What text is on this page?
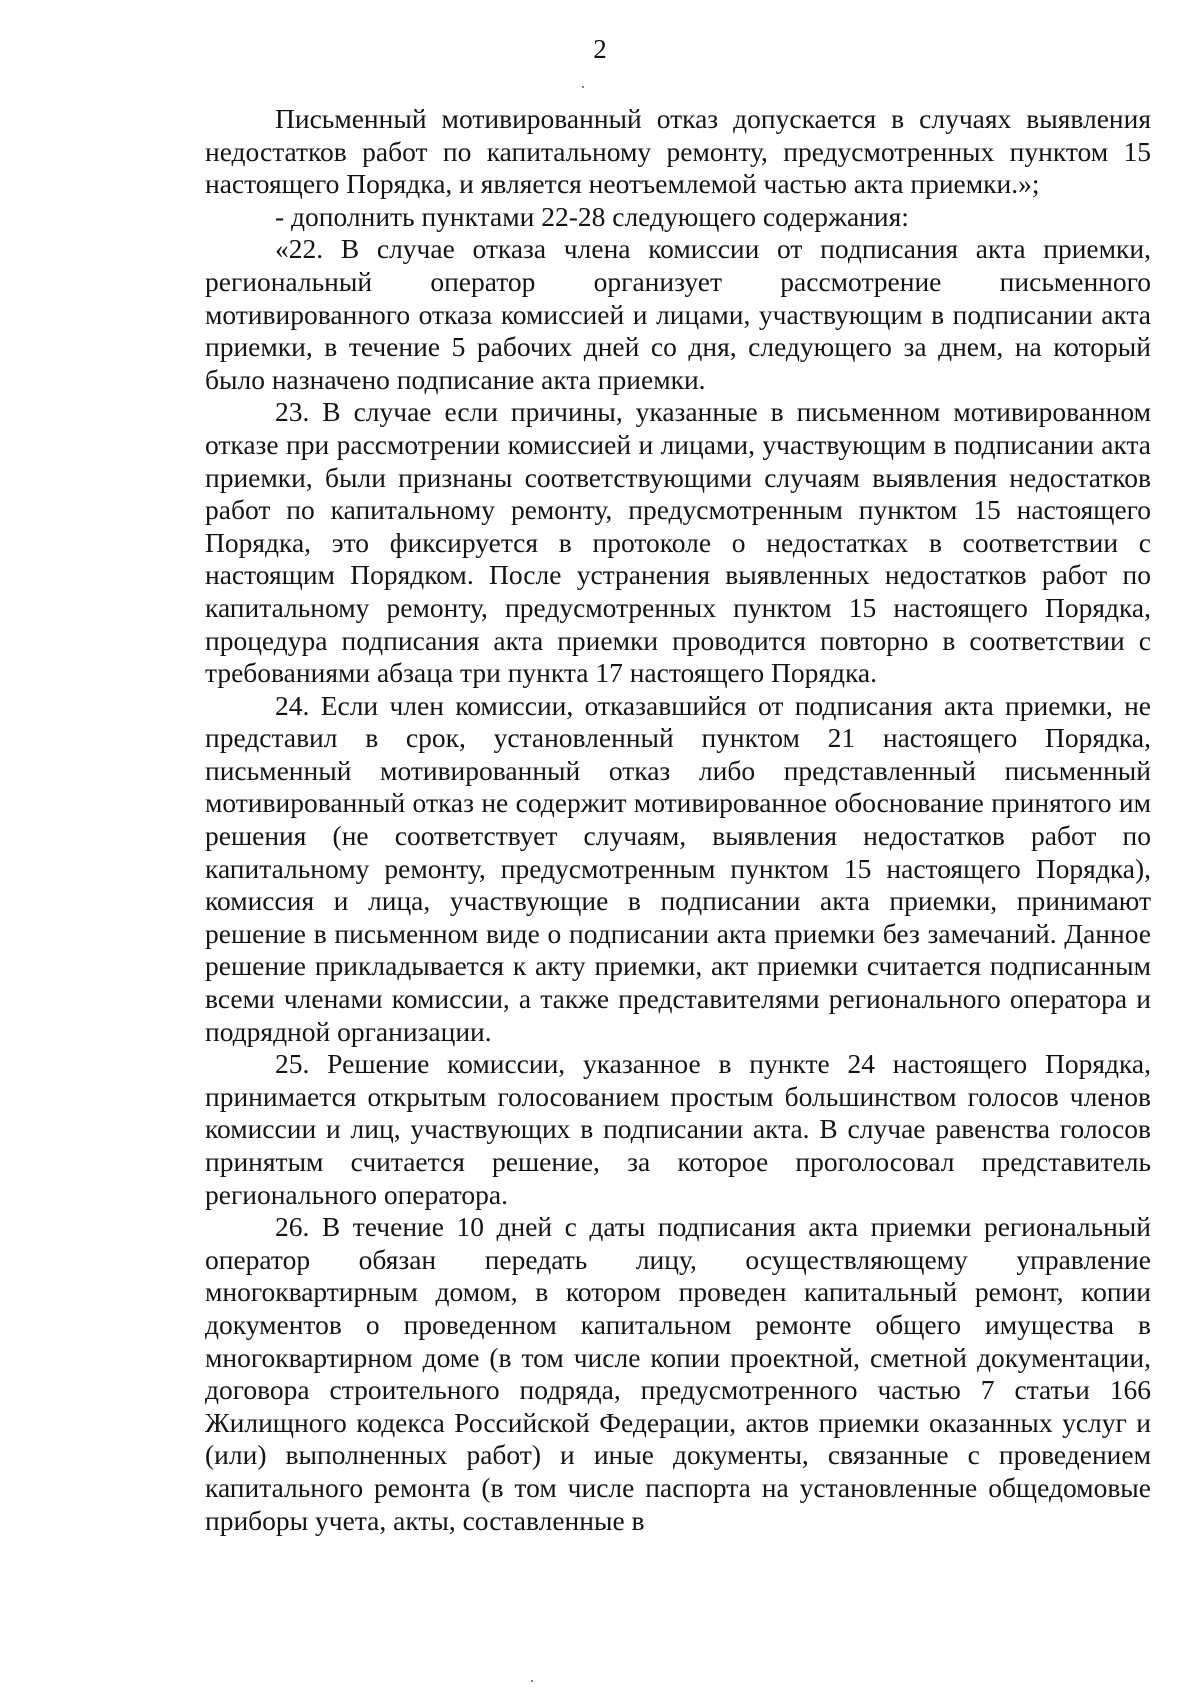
2

Письменный мотивированный отказ допускается в случаях выявления недостатков работ по капитальному ремонту, предусмотренных пунктом 15 настоящего Порядка, и является неотъемлемой частью акта приемки.»;

- дополнить пунктами 22-28 следующего содержания:

«22. В случае отказа члена комиссии от подписания акта приемки, региональный оператор организует рассмотрение письменного мотивированного отказа комиссией и лицами, участвующим в подписании акта приемки, в течение 5 рабочих дней со дня, следующего за днем, на который было назначено подписание акта приемки.

23. В случае если причины, указанные в письменном мотивированном отказе при рассмотрении комиссией и лицами, участвующим в подписании акта приемки, были признаны соответствующими случаям выявления недостатков работ по капитальному ремонту, предусмотренным пунктом 15 настоящего Порядка, это фиксируется в протоколе о недостатках в соответствии с настоящим Порядком. После устранения выявленных недостатков работ по капитальному ремонту, предусмотренных пунктом 15 настоящего Порядка, процедура подписания акта приемки проводится повторно в соответствии с требованиями абзаца три пункта 17 настоящего Порядка.

24. Если член комиссии, отказавшийся от подписания акта приемки, не представил в срок, установленный пунктом 21 настоящего Порядка, письменный мотивированный отказ либо представленный письменный мотивированный отказ не содержит мотивированное обоснование принятого им решения (не соответствует случаям, выявления недостатков работ по капитальному ремонту, предусмотренным пунктом 15 настоящего Порядка), комиссия и лица, участвующие в подписании акта приемки, принимают решение в письменном виде о подписании акта приемки без замечаний. Данное решение прикладывается к акту приемки, акт приемки считается подписанным всеми членами комиссии, а также представителями регионального оператора и подрядной организации.

25. Решение комиссии, указанное в пункте 24 настоящего Порядка, принимается открытым голосованием простым большинством голосов членов комиссии и лиц, участвующих в подписании акта. В случае равенства голосов принятым считается решение, за которое проголосовал представитель регионального оператора.

26. В течение 10 дней с даты подписания акта приемки региональный оператор обязан передать лицу, осуществляющему управление многоквартирным домом, в котором проведен капитальный ремонт, копии документов о проведенном капитальном ремонте общего имущества в многоквартирном доме (в том числе копии проектной, сметной документации, договора строительного подряда, предусмотренного частью 7 статьи 166 Жилищного кодекса Российской Федерации, актов приемки оказанных услуг и (или) выполненных работ) и иные документы, связанные с проведением капитального ремонта (в том числе паспорта на установленные общедомовые приборы учета, акты, составленные в
